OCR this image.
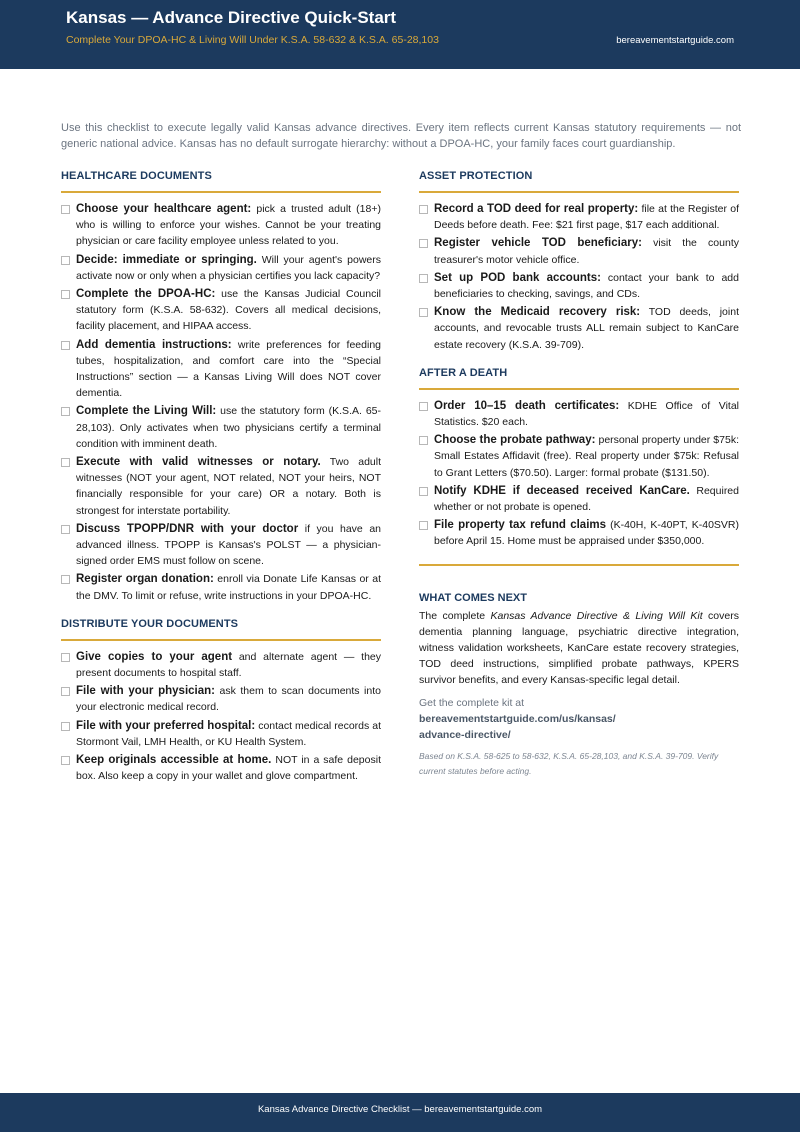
Kansas — Advance Directive Quick-Start
Complete Your DPOA-HC & Living Will Under K.S.A. 58-632 & K.S.A. 65-28,103	bereavementstartguide.com

Use this checklist to execute legally valid Kansas advance directives. Every item reflects current Kansas statutory requirements — not generic national advice. Kansas has no default surrogate hierarchy: without a DPOA-HC, your family faces court guardianship.

HEALTHCARE DOCUMENTS
Choose your healthcare agent: pick a trusted adult (18+) who is willing to enforce your wishes. Cannot be your treating physician or care facility employee unless related to you.
Decide: immediate or springing. Will your agent's powers activate now or only when a physician certifies you lack capacity?
Complete the DPOA-HC: use the Kansas Judicial Council statutory form (K.S.A. 58-632). Covers all medical decisions, facility placement, and HIPAA access.
Add dementia instructions: write preferences for feeding tubes, hospitalization, and comfort care into the “Special Instructions” section — a Kansas Living Will does NOT cover dementia.
Complete the Living Will: use the statutory form (K.S.A. 65-28,103). Only activates when two physicians certify a terminal condition with imminent death.
Execute with valid witnesses or notary. Two adult witnesses (NOT your agent, NOT related, NOT your heirs, NOT financially responsible for your care) OR a notary. Both is strongest for interstate portability.
Discuss TPOPP/DNR with your doctor if you have an advanced illness. TPOPP is Kansas's POLST — a physician-signed order EMS must follow on scene.
Register organ donation: enroll via Donate Life Kansas or at the DMV. To limit or refuse, write instructions in your DPOA-HC.
DISTRIBUTE YOUR DOCUMENTS
Give copies to your agent and alternate agent — they present documents to hospital staff.
File with your physician: ask them to scan documents into your electronic medical record.
File with your preferred hospital: contact medical records at Stormont Vail, LMH Health, or KU Health System.
Keep originals accessible at home. NOT in a safe deposit box. Also keep a copy in your wallet and glove compartment.
ASSET PROTECTION
Record a TOD deed for real property: file at the Register of Deeds before death. Fee: $21 first page, $17 each additional.
Register vehicle TOD beneficiary: visit the county treasurer's motor vehicle office.
Set up POD bank accounts: contact your bank to add beneficiaries to checking, savings, and CDs.
Know the Medicaid recovery risk: TOD deeds, joint accounts, and revocable trusts ALL remain subject to KanCare estate recovery (K.S.A. 39-709).
AFTER A DEATH
Order 10–15 death certificates: KDHE Office of Vital Statistics. $20 each.
Choose the probate pathway: personal property under $75k: Small Estates Affidavit (free). Real property under $75k: Refusal to Grant Letters ($70.50). Larger: formal probate ($131.50).
Notify KDHE if deceased received KanCare. Required whether or not probate is opened.
File property tax refund claims (K-40H, K-40PT, K-40SVR) before April 15. Home must be appraised under $350,000.
WHAT COMES NEXT

The complete Kansas Advance Directive & Living Will Kit covers dementia planning language, psychiatric directive integration, witness validation worksheets, KanCare estate recovery strategies, TOD deed instructions, simplified probate pathways, KPERS survivor benefits, and every Kansas-specific legal detail.

Get the complete kit at
bereavementstartguide.com/us/kansas/
advance-directive/

Based on K.S.A. 58-625 to 58-632, K.S.A. 65-28,103, and K.S.A. 39-709. Verify current statutes before acting.

Kansas Advance Directive Checklist — bereavementstartguide.com
